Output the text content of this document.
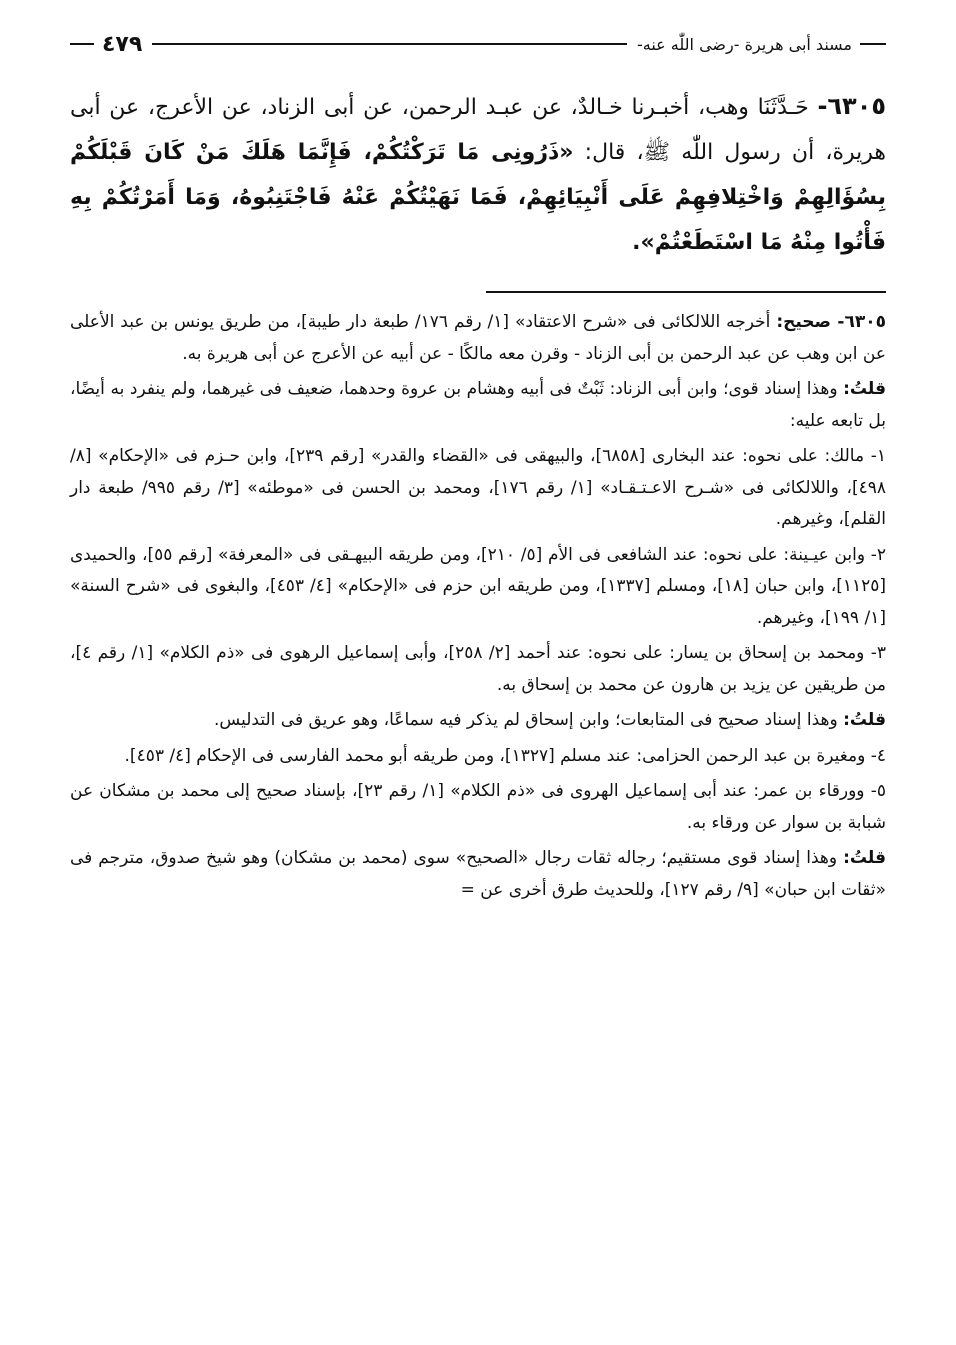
مسند أبى هريرة -رضى اللّٰه عنه-
٤٧٩
٦٣٠٥- حَـدَّثَنَا وهب، أخبـرنا خـالدٌ، عن عبـد الرحمن، عن أبى الزناد، عن الأعرج، عن أبى هريرة، أن رسول اللّٰه ﷺ، قال: «ذَرُونِى مَا تَرَكْتُكُمْ، فَإِنَّمَا هَلَكَ مَنْ كَانَ قَبْلَكُمْ بِسُؤَالِهِمْ وَاخْتِلافِهِمْ عَلَى أَنْبِيَائِهِمْ، فَمَا نَهَيْتُكُمْ عَنْهُ فَاجْتَنِبُوهُ، وَمَا أَمَرْتُكُمْ بِهِ فَأْتُوا مِنْهُ مَا اسْتَطَعْتُمْ».

٦٣٠٥- صحيح: أخرجه اللالكائى فى «شرح الاعتقاد» [١/ رقم ١٧٦/ طبعة دار طيبة]، من طريق يونس بن عبد الأعلى عن ابن وهب عن عبد الرحمن بن أبى الزناد - وقرن معه مالكًا - عن أبيه عن الأعرج عن أبى هريرة به.

قلتُ: وهذا إسناد قوى؛ وابن أبى الزناد: ثَبْتٌ فى أبيه وهشام بن عروة وحدهما، ضعيف فى غيرهما، ولم ينفرد به أيضًا، بل تابعه عليه:

١- مالك: على نحوه: عند البخارى [٦٨٥٨]، والبيهقى فى «القضاء والقدر» [رقم ٢٣٩]، وابن حـزم فى «الإحكام» [٨/ ٤٩٨]، واللالكائى فى «شـرح الاعـتـقـاد» [١/ رقم ١٧٦]، ومحمد بن الحسن فى «موطئه» [٣/ رقم ٩٩٥/ طبعة دار القلم]، وغيرهم.

٢- وابن عيـينة: على نحوه: عند الشافعى فى الأم [٥/ ٢١٠]، ومن طريقه البيهـقى فى «المعرفة» [رقم ٥٥]، والحميدى [١١٢٥]، وابن حبان [١٨]، ومسلم [١٣٣٧]، ومن طريقه ابن حزم فى «الإحكام» [٤/ ٤٥٣]، والبغوى فى «شرح السنة» [١/ ١٩٩]، وغيرهم.

٣- ومحمد بن إسحاق بن يسار: على نحوه: عند أحمد [٢/ ٢٥٨]، وأبى إسماعيل الرهوى فى «ذم الكلام» [١/ رقم ٤]، من طريقين عن يزيد بن هارون عن محمد بن إسحاق به.

قلتُ: وهذا إسناد صحيح فى المتابعات؛ وابن إسحاق لم يذكر فيه سماعًا، وهو عريق فى التدليس.

٤- ومغيرة بن عبد الرحمن الحزامى: عند مسلم [١٣٢٧]، ومن طريقه أبو محمد الفارسى فى الإحكام [٤/ ٤٥٣].

٥- وورقاء بن عمر: عند أبى إسماعيل الهروى فى «ذم الكلام» [١/ رقم ٢٣]، بإسناد صحيح إلى محمد بن مشكان عن شبابة بن سوار عن ورقاء به.

قلتُ: وهذا إسناد قوى مستقيم؛ رجاله ثقات رجال «الصحيح» سوى (محمد بن مشكان) وهو شيخ صدوق، مترجم فى «ثقات ابن حبان» [٩/ رقم ١٢٧]، وللحديث طرق أخرى عن =
